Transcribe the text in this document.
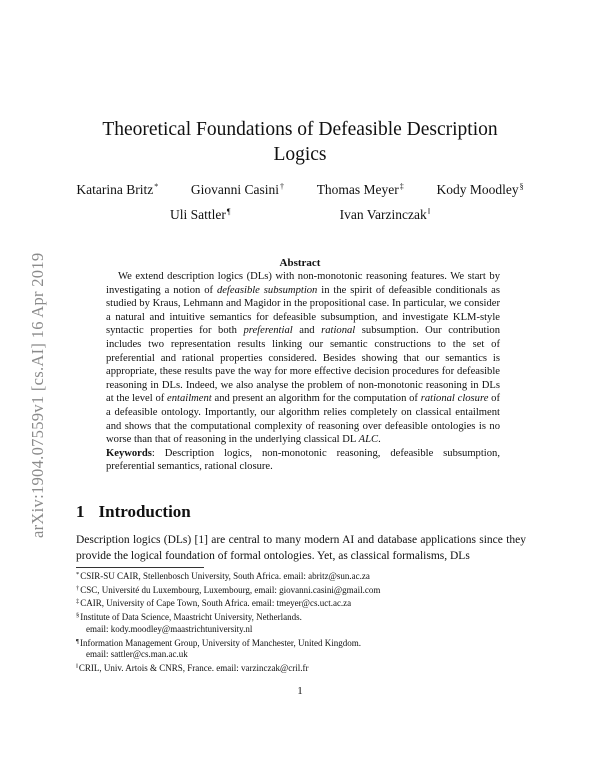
arXiv:1904.07559v1 [cs.AI] 16 Apr 2019
Theoretical Foundations of Defeasible Description
Logics
Katarina Britz* Giovanni Casini† Thomas Meyer‡ Kody Moodley§
Uli Sattler¶	Ivan Varzinczak‖
Abstract

We extend description logics (DLs) with non-monotonic reasoning features. We start by investigating a notion of defeasible subsumption in the spirit of defeasible conditionals as studied by Kraus, Lehmann and Magidor in the propositional case. In particular, we consider a natural and intuitive semantics for defeasible subsumption, and investigate KLM-style syntactic properties for both preferential and rational subsumption. Our contribution includes two representation results linking our semantic constructions to the set of preferential and rational properties considered. Besides showing that our semantics is appropriate, these results pave the way for more effective decision procedures for defeasible reasoning in DLs. Indeed, we also analyse the problem of non-monotonic reasoning in DLs at the level of entailment and present an algorithm for the computation of rational closure of a defeasible ontology. Importantly, our algorithm relies completely on classical entailment and shows that the computational complexity of reasoning over defeasible ontologies is no worse than that of reasoning in the underlying classical DL ALC.

Keywords: Description logics, non-monotonic reasoning, defeasible subsumption, preferential semantics, rational closure.

1 Introduction
Description logics (DLs) [1] are central to many modern AI and database applications since they provide the logical foundation of formal ontologies. Yet, as classical formalisms, DLs
*CSIR-SU CAIR, Stellenbosch University, South Africa. email: abritz@sun.ac.za
†CSC, Université du Luxembourg, Luxembourg, email: giovanni.casini@gmail.com
‡CAIR, University of Cape Town, South Africa. email: tmeyer@cs.uct.ac.za
§Institute of Data Science, Maastricht University, Netherlands.
email: kody.moodley@maastrichtuniversity.nl
¶Information Management Group, University of Manchester, United Kingdom.
email: sattler@cs.man.ac.uk
‖CRIL, Univ. Artois & CNRS, France. email: varzinczak@cril.fr
1
